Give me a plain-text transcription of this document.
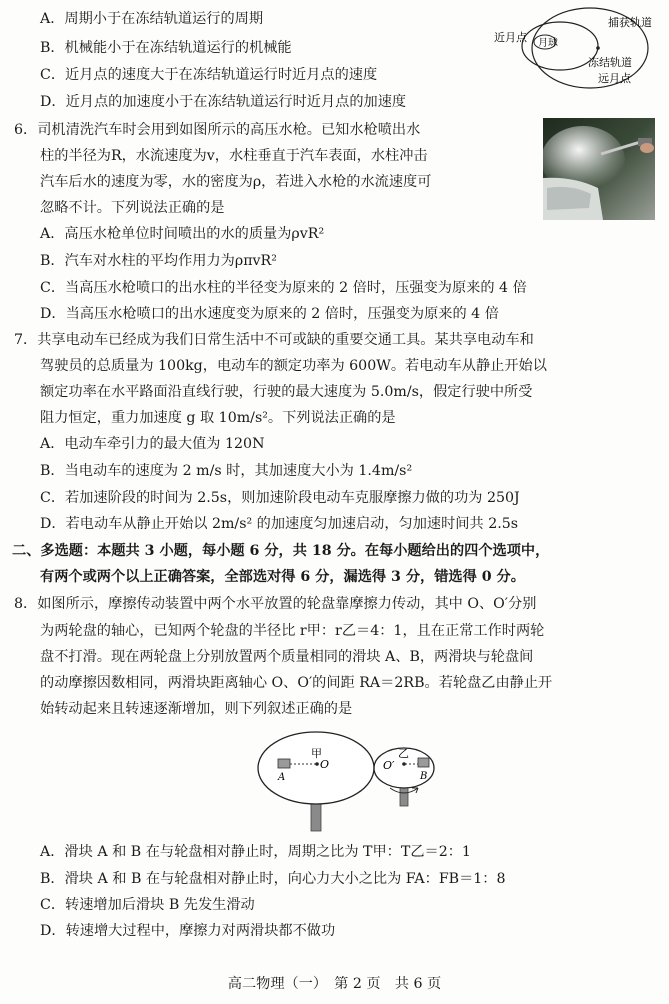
A．周期小于在冻结轨道运行的周期
B．机械能小于在冻结轨道运行的机械能
C．近月点的速度大于在冻结轨道运行时近月点的速度
D．近月点的加速度小于在冻结轨道运行时近月点的加速度
近月点 月球
捕获轨道
冻结轨道
远月点
6．司机清洗汽车时会用到如图所示的高压水枪。已知水枪喷出水
柱的半径为R，水流速度为v，水柱垂直于汽车表面，水柱冲击
汽车后水的速度为零，水的密度为ρ，若进入水枪的水流速度可
忽略不计。下列说法正确的是
A．高压水枪单位时间喷出的水的质量为ρvR²
B．汽车对水柱的平均作用力为ρπvR²
C．当高压水枪喷口的出水柱的半径变为原来的 2 倍时，压强变为原来的 4 倍
D．当高压水枪喷口的出水速度变为原来的 2 倍时，压强变为原来的 4 倍
7．共享电动车已经成为我们日常生活中不可或缺的重要交通工具。某共享电动车和
驾驶员的总质量为 100kg，电动车的额定功率为 600W。若电动车从静止开始以
额定功率在水平路面沿直线行驶，行驶的最大速度为 5.0m/s，假定行驶中所受
阻力恒定，重力加速度 g 取 10m/s²。下列说法正确的是
A．电动车牵引力的最大值为 120N
B．当电动车的速度为 2 m/s 时，其加速度大小为 1.4m/s²
C．若加速阶段的时间为 2.5s，则加速阶段电动车克服摩擦力做的功为 250J
D．若电动车从静止开始以 2m/s² 的加速度匀加速启动，匀加速时间共 2.5s
二、多选题：本题共 3 小题，每小题 6 分，共 18 分。在每小题给出的四个选项中，
有两个或两个以上正确答案，全部选对得 6 分，漏选得 3 分，错选得 0 分。
8．如图所示，摩擦传动装置中两个水平放置的轮盘靠摩擦力传动，其中 O、O′分别
为两轮盘的轴心，已知两个轮盘的半径比 r甲：r乙＝4：1，且在正常工作时两轮
盘不打滑。现在两轮盘上分别放置两个质量相同的滑块 A、B，两滑块与轮盘间
的动摩擦因数相同，两滑块距离轴心 O、O′的间距 RA＝2RB。若轮盘乙由静止开
始转动起来且转速逐渐增加，则下列叙述正确的是
A
O
甲
O′
乙
B
A．滑块 A 和 B 在与轮盘相对静止时，周期之比为 T甲：T乙＝2：1
B．滑块 A 和 B 在与轮盘相对静止时，向心力大小之比为 FA：FB＝1：8
C．转速增加后滑块 B 先发生滑动
D．转速增大过程中，摩擦力对两滑块都不做功
高二物理（一）　第 2 页　共 6 页
